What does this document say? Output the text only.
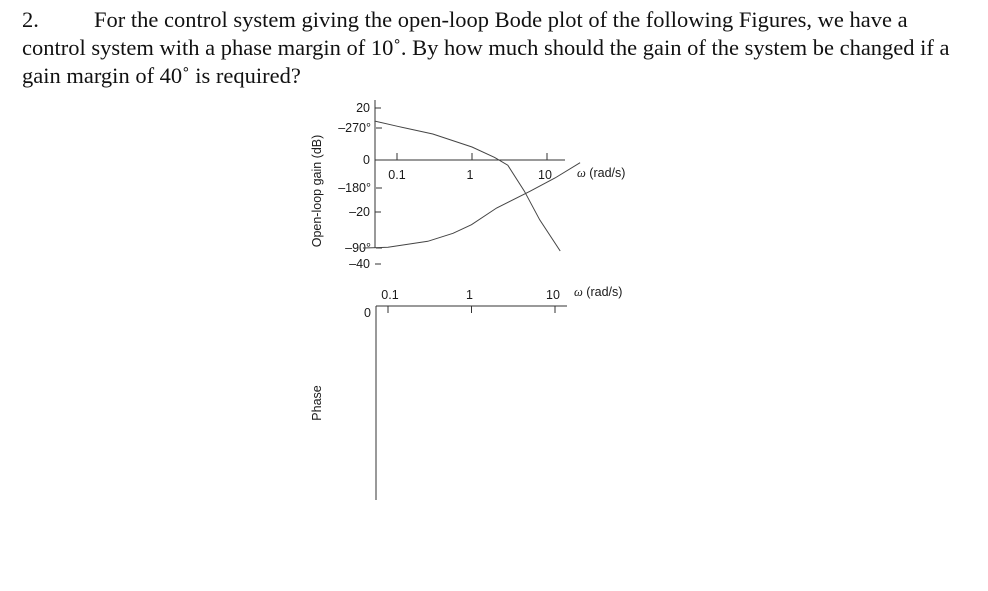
2. For the control system giving the open-loop Bode plot of the following Figures, we have a control system with a phase margin of 10˚. By how much should the gain of the system be changed if a gain margin of 40˚ is required?
20
0
–20
–40
0.1	1	10 ω (rad/s)
Open-loop gain (dB)
0
–90°
–180°
–270°
0.1	1	10 ω (rad/s)
Phase
